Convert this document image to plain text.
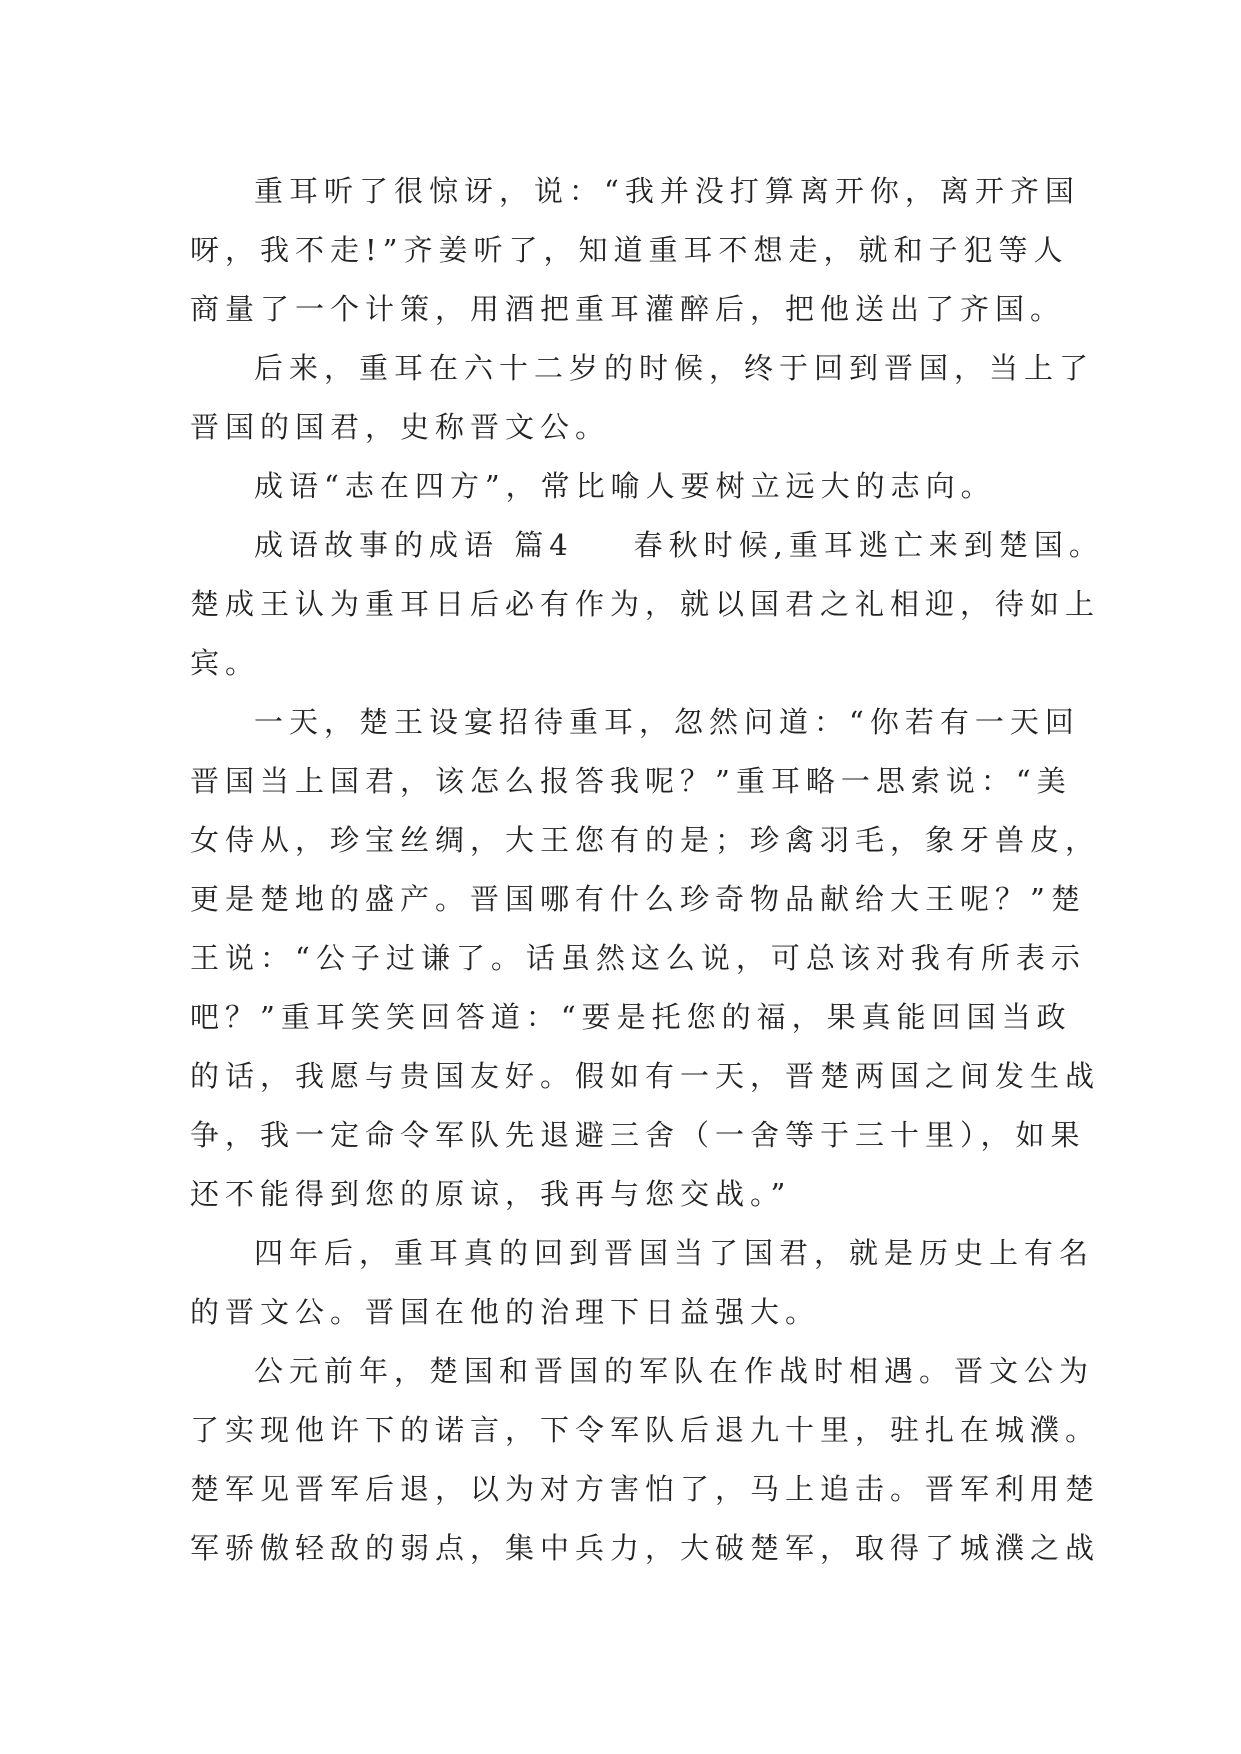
重耳听了很惊讶，说：“我并没打算离开你，离开齐国
呀，我不走!”齐姜听了，知道重耳不想走，就和子犯等人
商量了一个计策，用酒把重耳灌醉后，把他送出了齐国。
后来，重耳在六十二岁的时候，终于回到晋国，当上了
晋国的国君，史称晋文公。
成语“志在四方”，常比喻人要树立远大的志向。
成语故事的成语 篇4 春秋时候,重耳逃亡来到楚国。
楚成王认为重耳日后必有作为，就以国君之礼相迎，待如上
宾。
一天，楚王设宴招待重耳，忽然问道：“你若有一天回
晋国当上国君，该怎么报答我呢？”重耳略一思索说：“美
女侍从，珍宝丝绸，大王您有的是；珍禽羽毛，象牙兽皮，
更是楚地的盛产。晋国哪有什么珍奇物品献给大王呢？”楚
王说：“公子过谦了。话虽然这么说，可总该对我有所表示
吧？”重耳笑笑回答道：“要是托您的福，果真能回国当政
的话，我愿与贵国友好。假如有一天，晋楚两国之间发生战
争，我一定命令军队先退避三舍（一舍等于三十里），如果
还不能得到您的原谅，我再与您交战。”
四年后，重耳真的回到晋国当了国君，就是历史上有名
的晋文公。晋国在他的治理下日益强大。
公元前年，楚国和晋国的军队在作战时相遇。晋文公为
了实现他许下的诺言，下令军队后退九十里，驻扎在城濮。
楚军见晋军后退，以为对方害怕了，马上追击。晋军利用楚
军骄傲轻敌的弱点，集中兵力，大破楚军，取得了城濮之战
